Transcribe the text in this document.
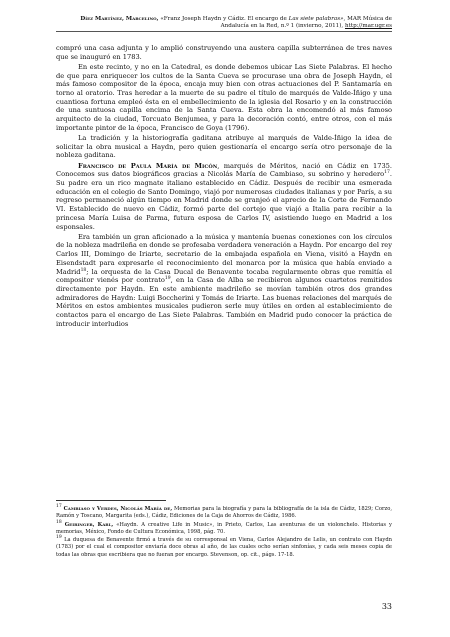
Díez Martínez, Marcelino, «Franz Joseph Haydn y Cádiz. El encargo de Las siete palabras», MAR Música de Andalucía en la Red, n.º 1 (invierno, 2011), http://mar.ugr.es

compró una casa adjunta y lo amplió construyendo una austera capilla subterránea de tres naves que se inauguró en 1783.

En este recinto, y no en la Catedral, es donde debemos ubicar Las Siete Palabras. El hecho de que para enriquecer los cultos de la Santa Cueva se procurase una obra de Joseph Haydn, el más famoso compositor de la época, encaja muy bien con otras actuaciones del P. Santamaría en torno al oratorio. Tras heredar a la muerte de su padre el título de marqués de Valde-Íñigo y una cuantiosa fortuna empleó ésta en el embellecimiento de la iglesia del Rosario y en la construcción de una suntuosa capilla encima de la Santa Cueva. Esta obra la encomendó al más famoso arquitecto de la ciudad, Torcuato Benjumea, y para la decoración contó, entre otros, con el más importante pintor de la época, Francisco de Goya (1796).

La tradición y la historiografía gaditana atribuye al marqués de Valde-Íñigo la idea de solicitar la obra musical a Haydn, pero quien gestionaría el encargo sería otro personaje de la nobleza gaditana.

Francisco de Paula María de Micón, marqués de Méritos, nació en Cádiz en 1735. Conocemos sus datos biográficos gracias a Nicolás María de Cambiaso, su sobrino y heredero$^{17}$. Su padre era un rico magnate italiano establecido en Cádiz. Después de recibir una esmerada educación en el colegio de Santo Domingo, viajó por numerosas ciudades italianas y por París, a su regreso permaneció algún tiempo en Madrid donde se granjeó el aprecio de la Corte de Fernando VI. Establecido de nuevo en Cádiz, formó parte del cortejo que viajó a Italia para recibir a la princesa María Luisa de Parma, futura esposa de Carlos IV, asistiendo luego en Madrid a los esponsales.

Era también un gran aficionado a la música y mantenía buenas conexiones con los círculos de la nobleza madrileña en donde se profesaba verdadera veneración a Haydn. Por encargo del rey Carlos III, Domingo de Iriarte, secretario de la embajada española en Viena, visitó a Haydn en Eisendstadt para expresarle el reconocimiento del monarca por la música que había enviado a Madrid$^{18}$; la orquesta de la Casa Ducal de Benavente tocaba regularmente obras que remitía el compositor vienés por contrato$^{19}$, en la Casa de Alba se recibieron algunos cuartetos remitidos directamente por Haydn. En este ambiente madrileño se movían también otros dos grandes admiradores de Haydn: Luigi Boccherini y Tomás de Iriarte. Las buenas relaciones del marqués de Méritos en estos ambientes musicales pudieron serle muy útiles en orden al establecimiento de contactos para el encargo de Las Siete Palabras. También en Madrid pudo conocer la práctica de introducir interludios

$^{17}$ Cambiaso y Verdes, Nicolás María de, Memorias para la biografía y para la bibliografía de la isla de Cádiz, 1829; Corzo, Ramón y Toscano, Margarita (eds.), Cádiz, Ediciones de la Caja de Ahorros de Cádiz, 1986.

$^{18}$ Geiringer, Karl, «Haydn. A creative Life in Music», in Prieto, Carlos, Las aventuras de un violonchelo. Historias y memorias, México, Fondo de Cultura Económica, 1998, pág. 70.

$^{19}$ La duquesa de Benavente firmó a través de su corresponsal en Viena, Carlos Alejandro de Lelis, un contrato con Haydn (1783) por el cual el compositor enviaría doce obras al año, de las cuales ocho serían sinfonías, y cada seis meses copia de todas las obras que escribiera que no fueran por encargo. Stevenson, op. cit., págs. 17-18.

33
